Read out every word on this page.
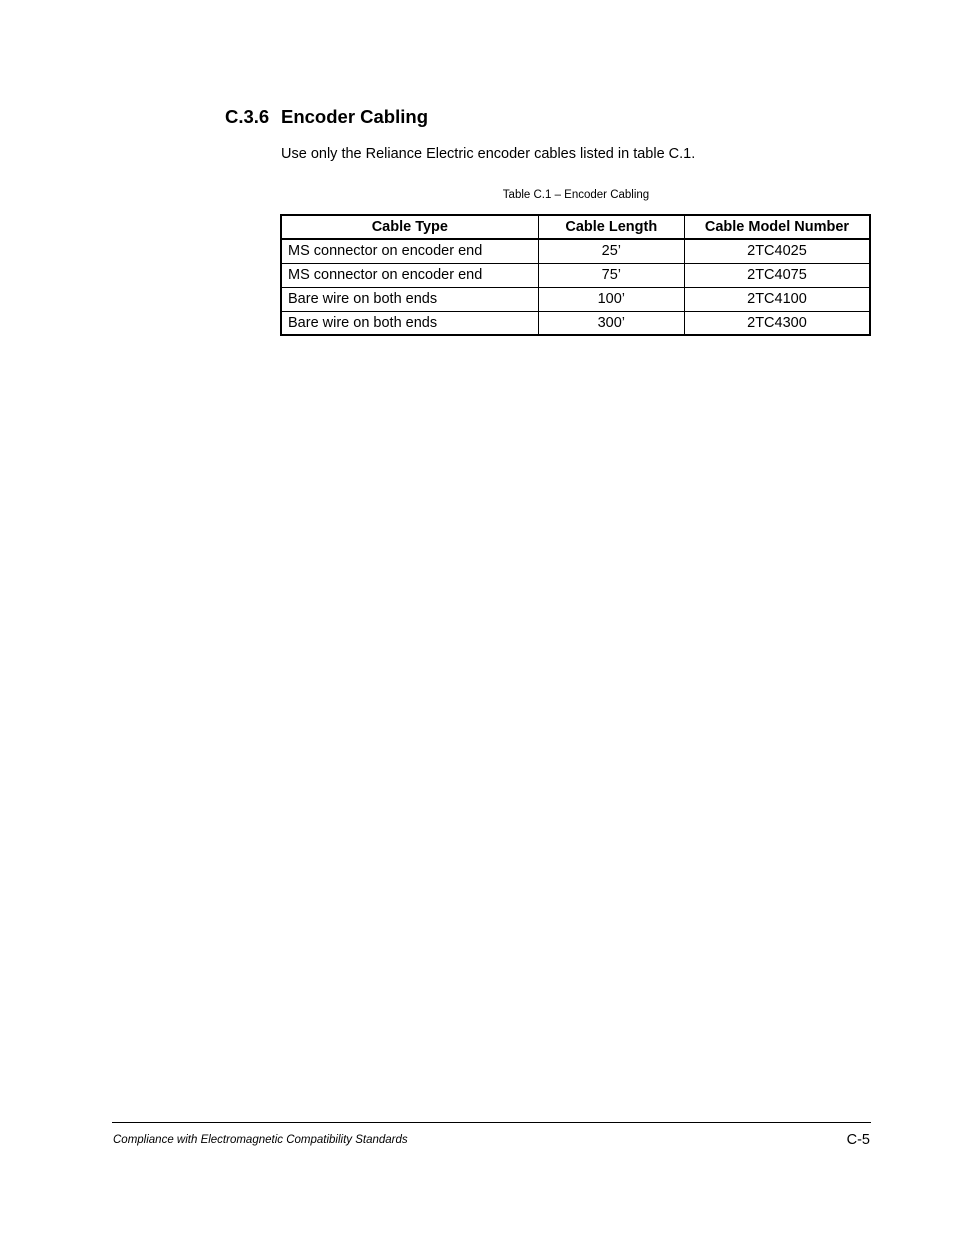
C.3.6 Encoder Cabling
Use only the Reliance Electric encoder cables listed in table C.1.
Table C.1 – Encoder Cabling
Cable Type	Cable Length	Cable Model Number
MS connector on encoder end	25’	2TC4025
MS connector on encoder end	75’	2TC4075
Bare wire on both ends	100’	2TC4100
Bare wire on both ends	300’	2TC4300
Compliance with Electromagnetic Compatibility Standards	C-5
